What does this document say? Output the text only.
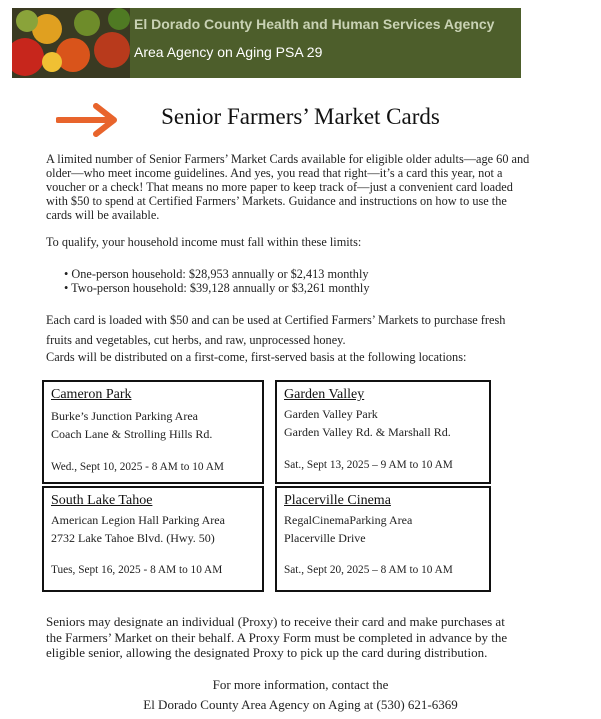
El Dorado County Health and Human Services Agency
Area Agency on Aging PSA 29
Senior Farmers’ Market Cards
A limited number of Senior Farmers’ Market Cards available for eligible older adults—age 60 and
older—who meet income guidelines. And yes, you read that right—it’s a card this year, not a
voucher or a check! That means no more paper to keep track of—just a convenient card loaded
with $50 to spend at Certified Farmers’ Markets. Guidance and instructions on how to use the
cards will be available.
To qualify, your household income must fall within these limits:
• One-person household: $28,953 annually or $2,413 monthly
• Two-person household: $39,128 annually or $3,261 monthly
Each card is loaded with $50 and can be used at Certified Farmers’ Markets to purchase fresh
fruits and vegetables, cut herbs, and raw, unprocessed honey.
Cards will be distributed on a first-come, first-served basis at the following locations:
Cameron Park
Burke’s Junction Parking Area
Coach Lane & Strolling Hills Rd.
Wed., Sept 10, 2025 - 8 AM to 10 AM
Garden Valley
Garden Valley Park
Garden Valley Rd. & Marshall Rd.
Sat., Sept 13, 2025 – 9 AM to 10 AM
South Lake Tahoe
American Legion Hall Parking Area
2732 Lake Tahoe Blvd. (Hwy. 50)
Tues, Sept 16, 2025 - 8 AM to 10 AM
Placerville Cinema
RegalCinemaParking Area
Placerville Drive
Sat., Sept 20, 2025 – 8 AM to 10 AM
Seniors may designate an individual (Proxy) to receive their card and make purchases at
the Farmers’ Market on their behalf. A Proxy Form must be completed in advance by the
eligible senior, allowing the designated Proxy to pick up the card during distribution.
For more information, contact the
El Dorado County Area Agency on Aging at (530) 621-6369
